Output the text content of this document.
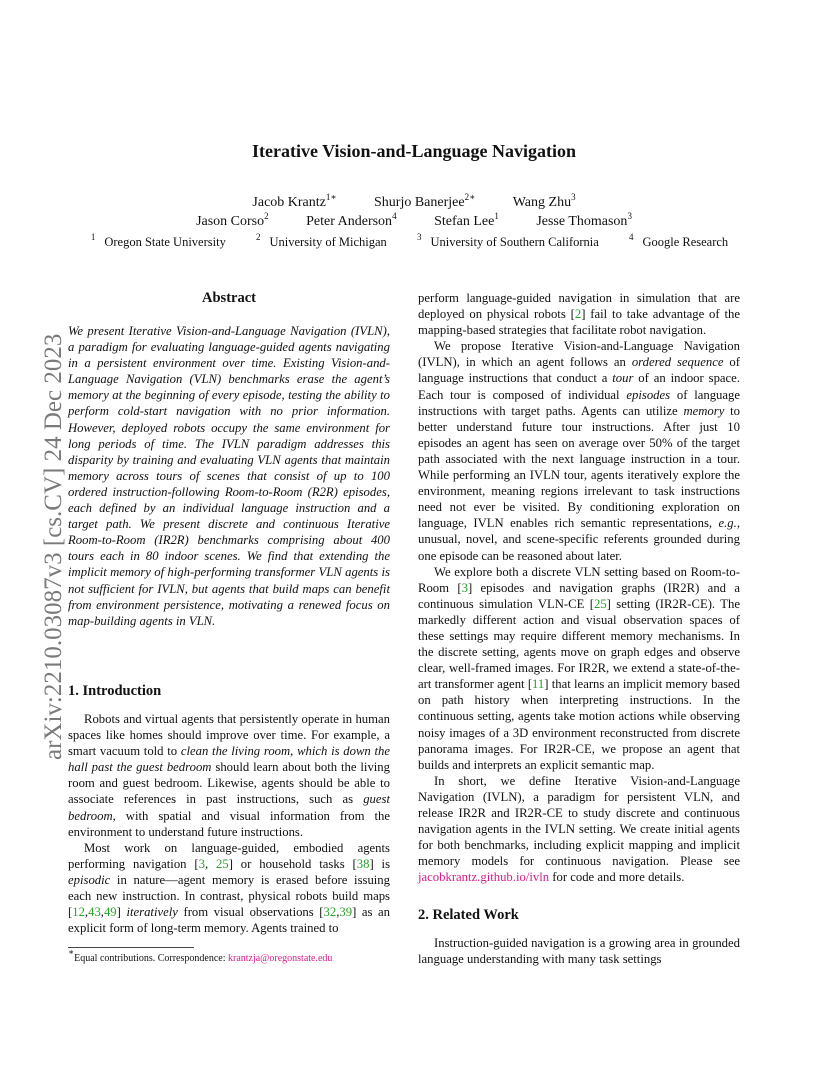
Iterative Vision-and-Language Navigation
Jacob Krantz$^{1∗}$	Shurjo Banerjee$^{2∗}$	Wang Zhu$^3$
Jason Corso$^2$	Peter Anderson$^4$	Stefan Lee$^1$	Jesse Thomason$^3$
$^1$ Oregon State University	$^2$ University of Michigan	$^3$ University of Southern California	$^4$ Google Research
arXiv:2210.03087v3 [cs.CV] 24 Dec 2023
Abstract
We present Iterative Vision-and-Language Navigation (IVLN), a paradigm for evaluating language-guided agents navigating in a persistent environment over time. Existing Vision-and-Language Navigation (VLN) benchmarks erase the agent’s memory at the beginning of every episode, testing the ability to perform cold-start navigation with no prior information. However, deployed robots occupy the same environment for long periods of time. The IVLN paradigm addresses this disparity by training and evaluating VLN agents that maintain memory across tours of scenes that consist of up to 100 ordered instruction-following Room-to-Room (R2R) episodes, each defined by an individual language instruction and a target path. We present discrete and continuous Iterative Room-to-Room (IR2R) benchmarks comprising about 400 tours each in 80 indoor scenes. We find that extending the implicit memory of high-performing transformer VLN agents is not sufficient for IVLN, but agents that build maps can benefit from environment persistence, motivating a renewed focus on map-building agents in VLN.
1. Introduction

Robots and virtual agents that persistently operate in human spaces like homes should improve over time. For example, a smart vacuum told to clean the living room, which is down the hall past the guest bedroom should learn about both the living room and guest bedroom. Likewise, agents should be able to associate references in past instructions, such as guest bedroom, with spatial and visual information from the environment to understand future instructions.

Most work on language-guided, embodied agents performing navigation [3, 25] or household tasks [38] is episodic in nature—agent memory is erased before issuing each new instruction. In contrast, physical robots build maps [12,43,49] iteratively from visual observations [32,39] as an explicit form of long-term memory. Agents trained to

perform language-guided navigation in simulation that are deployed on physical robots [2] fail to take advantage of the mapping-based strategies that facilitate robot navigation.

We propose Iterative Vision-and-Language Navigation (IVLN), in which an agent follows an ordered sequence of language instructions that conduct a tour of an indoor space. Each tour is composed of individual episodes of language instructions with target paths. Agents can utilize memory to better understand future tour instructions. After just 10 episodes an agent has seen on average over 50% of the target path associated with the next language instruction in a tour. While performing an IVLN tour, agents iteratively explore the environment, meaning regions irrelevant to task instructions need not ever be visited. By conditioning exploration on language, IVLN enables rich semantic representations, e.g., unusual, novel, and scene-specific referents grounded during one episode can be reasoned about later.

We explore both a discrete VLN setting based on Room-to-Room [3] episodes and navigation graphs (IR2R) and a continuous simulation VLN-CE [25] setting (IR2R-CE). The markedly different action and visual observation spaces of these settings may require different memory mechanisms. In the discrete setting, agents move on graph edges and observe clear, well-framed images. For IR2R, we extend a state-of-the-art transformer agent [11] that learns an implicit memory based on path history when interpreting instructions. In the continuous setting, agents take motion actions while observing noisy images of a 3D environment reconstructed from discrete panorama images. For IR2R-CE, we propose an agent that builds and interprets an explicit semantic map.

In short, we define Iterative Vision-and-Language Navigation (IVLN), a paradigm for persistent VLN, and release IR2R and IR2R-CE to study discrete and continuous navigation agents in the IVLN setting. We create initial agents for both benchmarks, including explicit mapping and implicit memory models for continuous navigation. Please see jacobkrantz.github.io/ivln for code and more details.

2. Related Work

Instruction-guided navigation is a growing area in grounded language understanding with many task settings

∗Equal contributions. Correspondence: krantzja@oregonstate.edu
